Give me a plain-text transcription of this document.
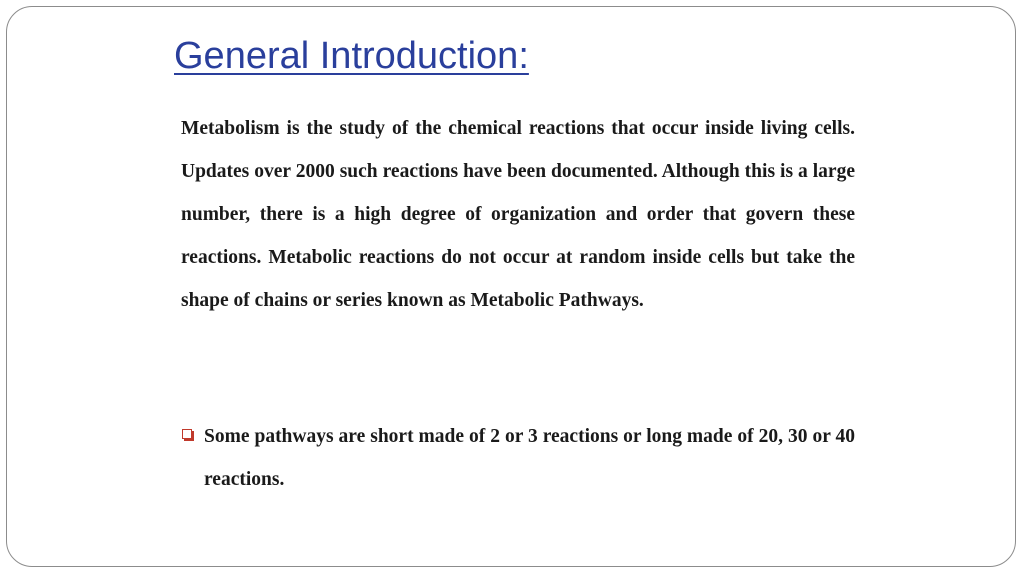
General Introduction:

Metabolism is the study of the chemical reactions that occur inside living cells. Updates over 2000 such reactions have been documented. Although this is a large number, there is a high degree of organization and order that govern these reactions. Metabolic reactions do not occur at random inside cells but take the shape of chains or series known as Metabolic Pathways.

Some pathways are short made of 2 or 3 reactions or long made of 20, 30 or 40 reactions.
